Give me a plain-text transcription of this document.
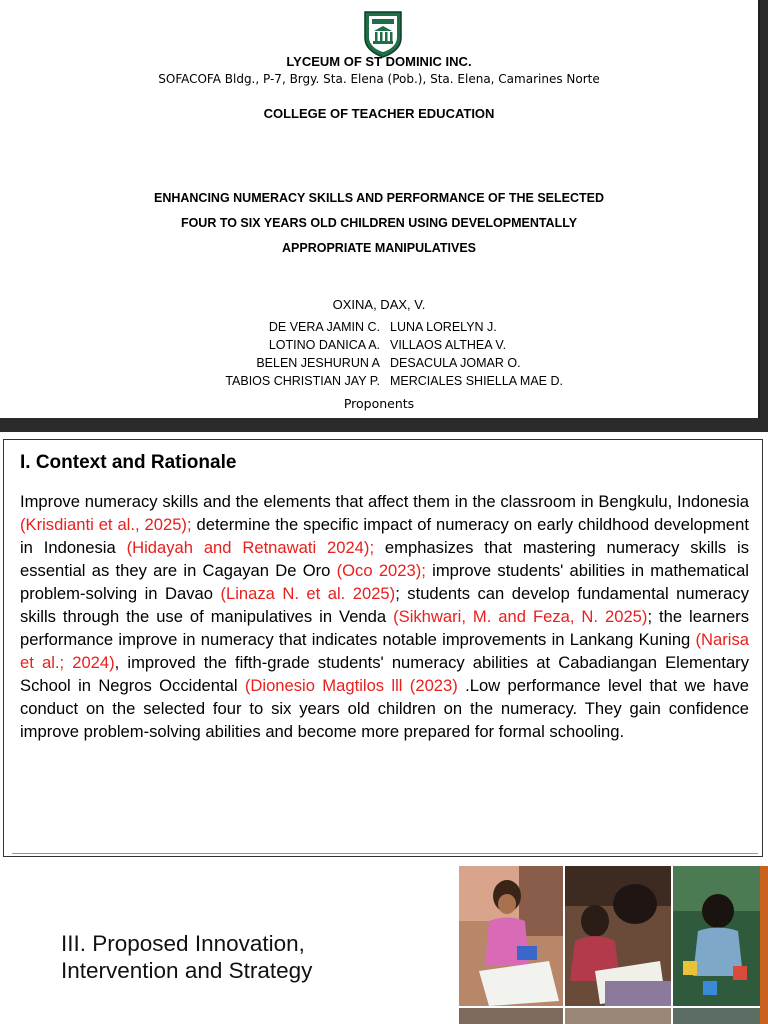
LYCEUM OF ST DOMINIC INC.
SOFACOFA Bldg., P-7, Brgy. Sta. Elena (Pob.), Sta. Elena, Camarines Norte
COLLEGE OF TEACHER EDUCATION
ENHANCING NUMERACY SKILLS AND PERFORMANCE OF THE SELECTED
FOUR TO SIX YEARS OLD CHILDREN USING DEVELOPMENTALLY
APPROPRIATE MANIPULATIVES
OXINA, DAX, V.
DE VERA JAMIN C. LUNA LORELYN J.
LOTINO DANICA A. VILLAOS ALTHEA V.
BELEN JESHURUN A DESACULA JOMAR O.
TABIOS CHRISTIAN JAY P. MERCIALES SHIELLA MAE D.
Proponents
I. Context and Rationale
Improve numeracy skills and the elements that affect them in the classroom in Bengkulu, Indonesia (Krisdianti et al., 2025); determine the specific impact of numeracy on early childhood development in Indonesia (Hidayah and Retnawati 2024); emphasizes that mastering numeracy skills is essential as they are in Cagayan De Oro (Oco 2023); improve students' abilities in mathematical problem-solving in Davao (Linaza N. et al. 2025); students can develop fundamental numeracy skills through the use of manipulatives in Venda (Sikhwari, M. and Feza, N. 2025); the learners performance improve in numeracy that indicates notable improvements in Lankang Kuning (Narisa et al.; 2024), improved the fifth-grade students' numeracy abilities at Cabadiangan Elementary School in Negros Occidental (Dionesio Magtilos lll (2023) .Low performance level that we have conduct on the selected four to six years old children on the numeracy. They gain confidence improve problem-solving abilities and become more prepared for formal schooling.
III. Proposed Innovation,
Intervention and Strategy
